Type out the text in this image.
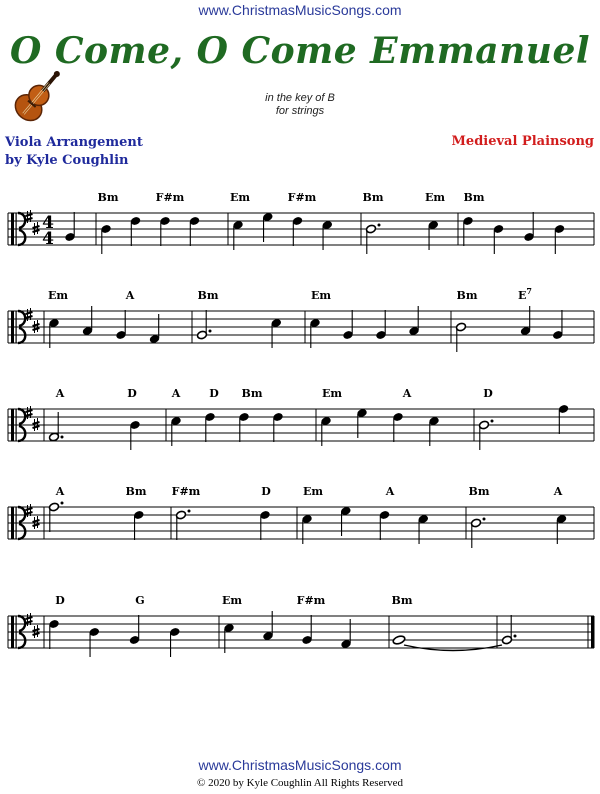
www.ChristmasMusicSongs.com
O Come, O Come Emmanuel
in the key of B
for strings
Viola Arrangement
by Kyle Coughlin
Medieval Plainsong
4
4
Bm	F#m	Em	F#m	Bm	Em Bm
Em	A	Bm	Em	Bm	$E^7$
A	D	A	D Bm	Em	A	D
A	Bm F#m	D	Em	A	Bm	A
D	G	Em	F#m	Bm
www.ChristmasMusicSongs.com
© 2020 by Kyle Coughlin All Rights Reserved
